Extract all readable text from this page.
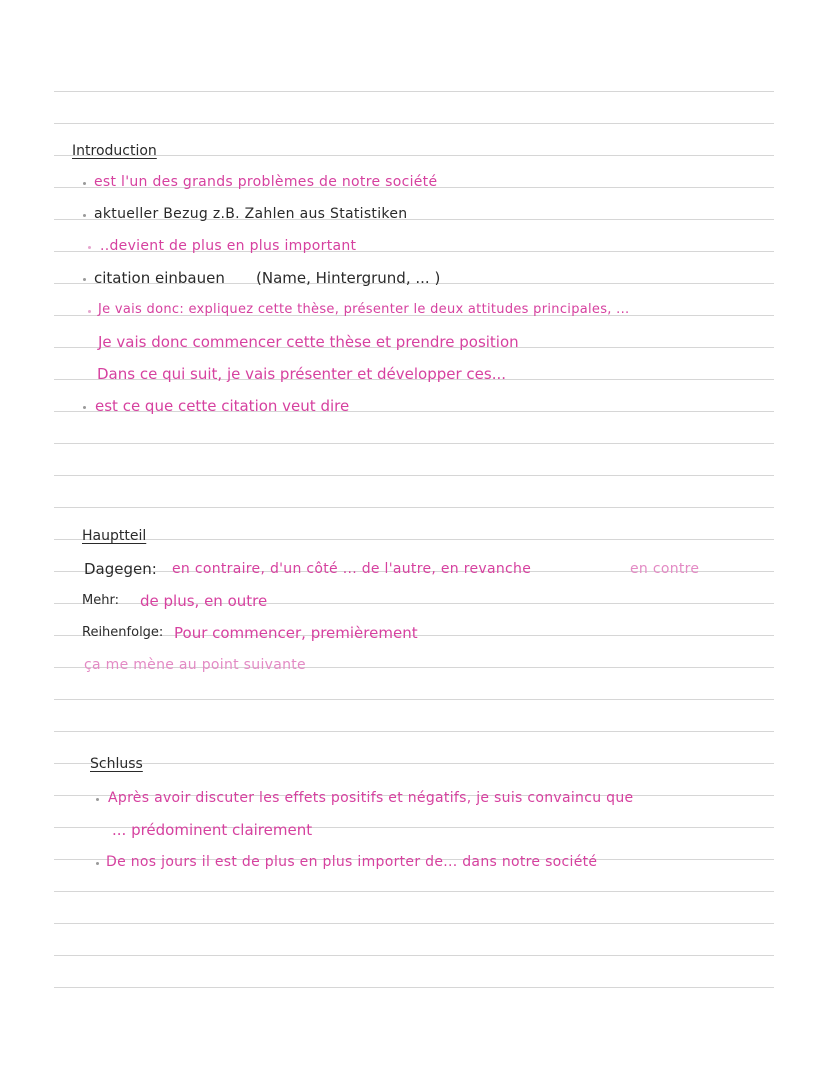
Introduction
est l'un des grands problèmes de notre société
aktueller Bezug z.B. Zahlen aus Statistiken
..devient de plus en plus important
citation einbauen (Name, Hintergrund, ... )
Je vais donc: expliquez cette thèse, présenter le deux attitudes principales, ...
Je vais donc commencer cette thèse et prendre position
Dans ce qui suit, je vais présenter et développer ces...
est ce que cette citation veut dire
Hauptteil
Dagegen: en contraire, d'un côté ... de l'autre, en revanche	en contre
Mehr: de plus, en outre
Reihenfolge: Pour commencer, premièrement
ça me mène au point suivante
Schluss
Après avoir discuter les effets positifs et négatifs, je suis convaincu que
... prédominent clairement
De nos jours il est de plus en plus importer de... dans notre société
